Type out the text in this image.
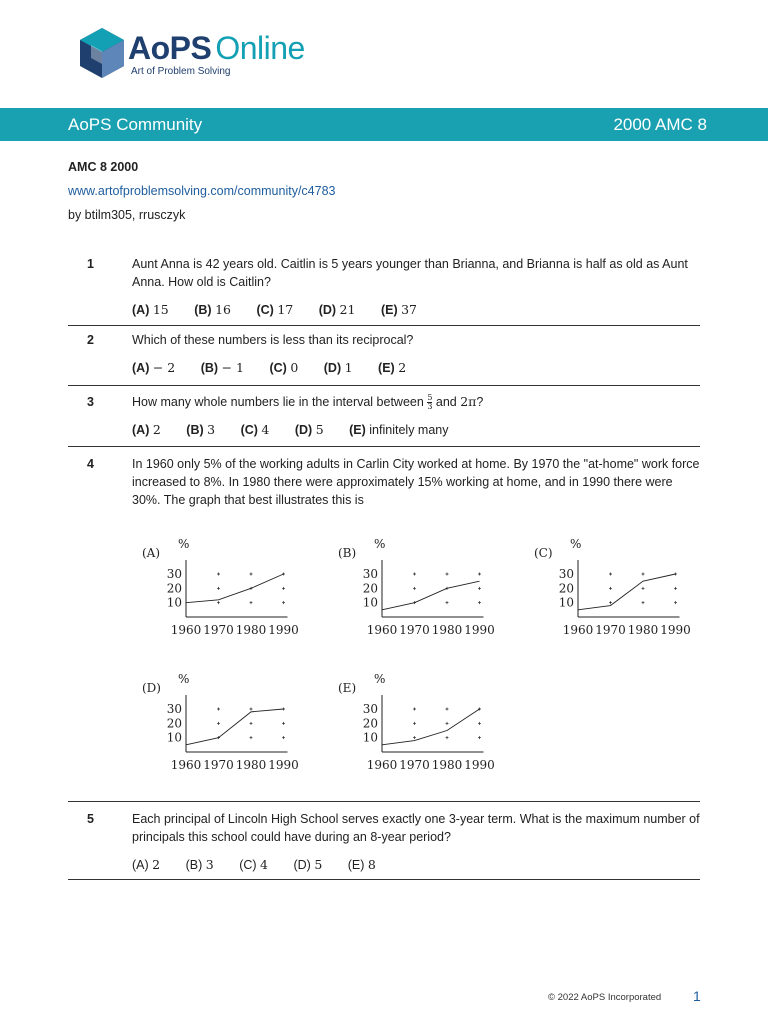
AoPS Online
Art of Problem Solving
AoPS Community	2000 AMC 8
AMC 8 2000
www.artofproblemsolving.com/community/c4783
by btilm305, rrusczyk
1	Aunt Anna is 42 years old. Caitlin is 5 years younger than Brianna, and Brianna is half as old as Aunt Anna. How old is Caitlin?
(A) 15 (B) 16 (C) 17 (D) 21 (E) 37
2	Which of these numbers is less than its reciprocal?
(A) − 2 (B) − 1 (C) 0 (D) 1 (E) 2
3	How many whole numbers lie in the interval between $\frac{5}{3}$ and 2π?
(A) 2 (B) 3 (C) 4 (D) 5 (E) infinitely many
4	In 1960 only 5% of the working adults in Carlin City worked at home. By 1970 the "at-home" work force increased to 8%. In 1980 there were approximately 15% working at home, and in 1990 there were 30%. The graph that best illustrates this is
(A)
%
10
20
30
1960 1970 1980 1990
(B)
%
10
20
30
1960 1970 1980 1990
(C)
%
10
20
30
1960 1970 1980 1990
(D)
%
10
20
30
1960 1970 1980 1990
(E)
%
10
20
30
1960 1970 1980 1990
5	Each principal of Lincoln High School serves exactly one 3-year term. What is the maximum number of principals this school could have during an 8-year period?
(A) 2 (B) 3 (C) 4 (D) 5 (E) 8
© 2022 AoPS Incorporated 1
